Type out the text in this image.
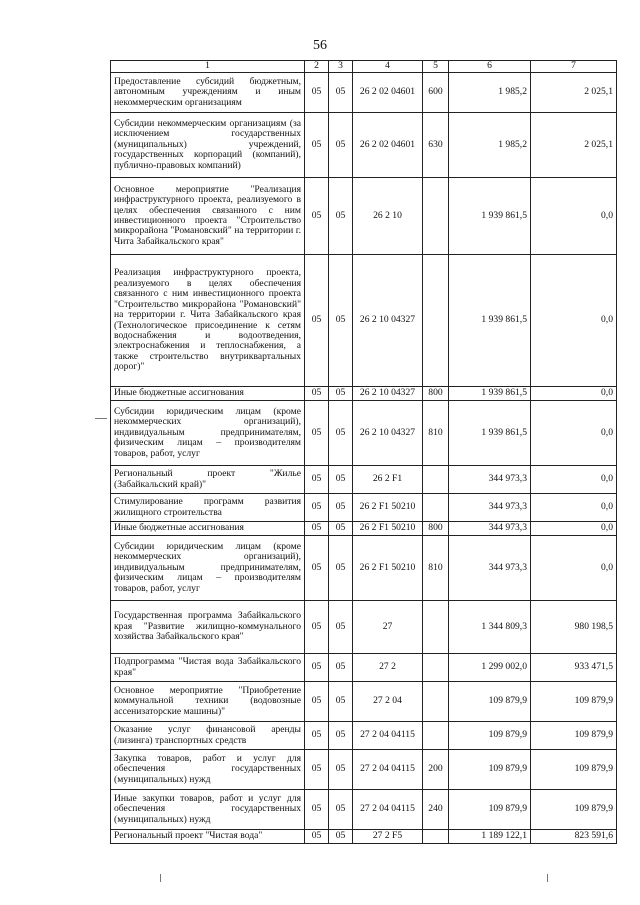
56
1	2	3	4	5	6	7
Предоставление субсидий бюджетным, автономным учреждениям и иным некоммерческим организациям	05	05	26 2 02 04601	600	1 985,2	2 025,1
Субсидии некоммерческим организациям (за исключением государственных (муниципальных) учреждений, государственных корпораций (компаний), публично-правовых компаний)	05	05	26 2 02 04601	630	1 985,2	2 025,1
Основное мероприятие "Реализация инфраструктурного проекта, реализуемого в целях обеспечения связанного с ним инвестиционного проекта "Строительство микрорайона "Романовский" на территории г. Чита Забайкальского края"	05	05	26 2 10		1 939 861,5	0,0
Реализация инфраструктурного проекта, реализуемого в целях обеспечения связанного с ним инвестиционного проекта "Строительство микрорайона "Романовский" на территории г. Чита Забайкальского края (Технологическое присоединение к сетям водоснабжения и водоотведения, электроснабжения и теплоснабжения, а также строительство внутриквартальных дорог)"	05	05	26 2 10 04327		1 939 861,5	0,0
Иные бюджетные ассигнования	05	05	26 2 10 04327	800	1 939 861,5	0,0
Субсидии юридическим лицам (кроме некоммерческих организаций), индивидуальным предпринимателям, физическим лицам – производителям товаров, работ, услуг	05	05	26 2 10 04327	810	1 939 861,5	0,0
Региональный проект "Жилье (Забайкальский край)"	05	05	26 2 F1		344 973,3	0,0
Стимулирование программ развития жилищного строительства	05	05	26 2 F1 50210		344 973,3	0,0
Иные бюджетные ассигнования	05	05	26 2 F1 50210	800	344 973,3	0,0
Субсидии юридическим лицам (кроме некоммерческих организаций), индивидуальным предпринимателям, физическим лицам – производителям товаров, работ, услуг	05	05	26 2 F1 50210	810	344 973,3	0,0
Государственная программа Забайкальского края "Развитие жилищно-коммунального хозяйства Забайкальского края"	05	05	27		1 344 809,3	980 198,5
Подпрограмма "Чистая вода Забайкальского края"	05	05	27 2		1 299 002,0	933 471,5
Основное мероприятие "Приобретение коммунальной техники (водовозные ассенизаторские машины)"	05	05	27 2 04		109 879,9	109 879,9
Оказание услуг финансовой аренды (лизинга) транспортных средств	05	05	27 2 04 04115		109 879,9	109 879,9
Закупка товаров, работ и услуг для обеспечения государственных (муниципальных) нужд	05	05	27 2 04 04115	200	109 879,9	109 879,9
Иные закупки товаров, работ и услуг для обеспечения государственных (муниципальных) нужд	05	05	27 2 04 04115	240	109 879,9	109 879,9
Региональный проект "Чистая вода"	05	05	27 2 F5		1 189 122,1	823 591,6
